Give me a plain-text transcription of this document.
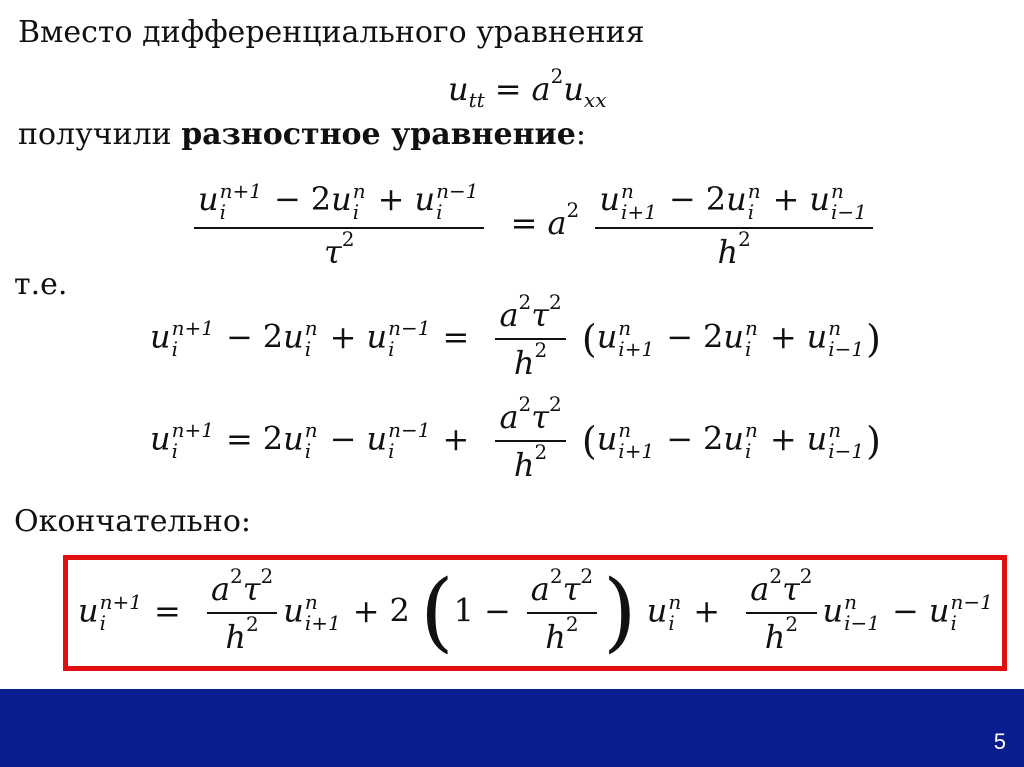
Вместо дифференциального уравнения
$u_{tt} = a^2u_{xx}$
получили разностное уравнение:
u n+1
i	− 2u n
i + u n−1
i
$\tau^2 = a^2$ u n
i+1 − 2u n
i + u n
i−1
$h^2$
т.е.
u n+1
i	− 2u n
i + u n−1
i	= $\frac{a^2\tau^2}{h^2} (u$ n
i+1 − 2u n
i + u n
i−1 )
u n+1
i	= 2u n
i − u n−1
i	+ $\frac{a^2\tau^2}{h^2} (u$ n
i+1 − 2u n
i + u n
i−1 )
Окончательно:
u n+1
i	= $\frac{a^2\tau^2}{h^2}$ u n
i+1 + 2 ($1 - \frac{a^2\tau^2}{h^2}$ ) u n
$i + \frac{a^2\tau^2}{h^2}$ u n
i−1 − u n−1
i
5
